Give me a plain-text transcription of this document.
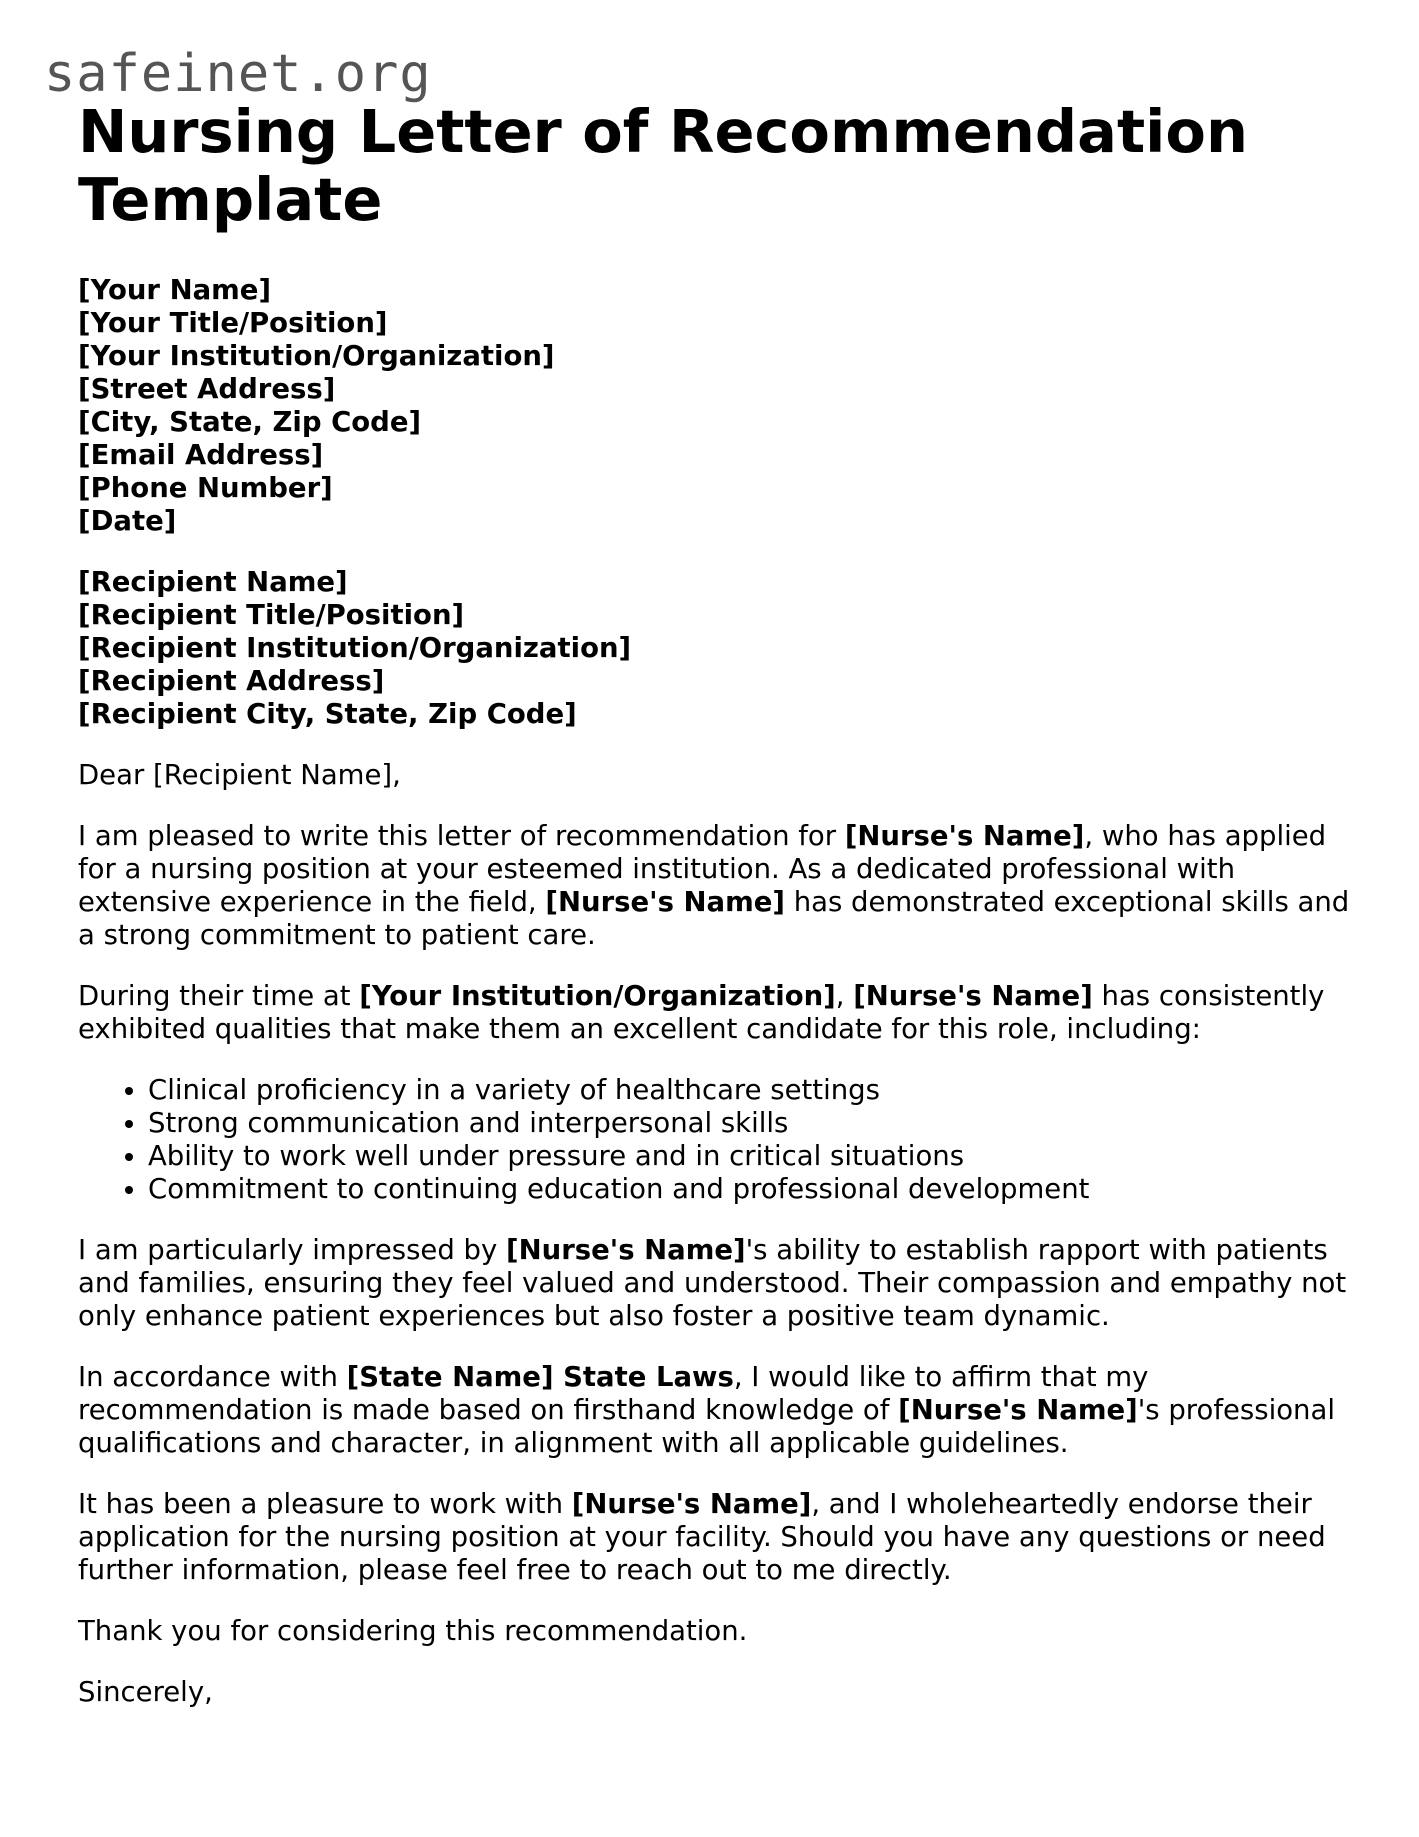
safeinet.org
Nursing Letter of Recommendation Template
[Your Name]
[Your Title/Position]
[Your Institution/Organization]
[Street Address]
[City, State, Zip Code]
[Email Address]
[Phone Number]
[Date]
[Recipient Name]
[Recipient Title/Position]
[Recipient Institution/Organization]
[Recipient Address]
[Recipient City, State, Zip Code]

Dear [Recipient Name],

I am pleased to write this letter of recommendation for [Nurse's Name], who has applied for a nursing position at your esteemed institution. As a dedicated professional with extensive experience in the field, [Nurse's Name] has demonstrated exceptional skills and a strong commitment to patient care.

During their time at [Your Institution/Organization], [Nurse's Name] has consistently exhibited qualities that make them an excellent candidate for this role, including:

• Clinical proficiency in a variety of healthcare settings
• Strong communication and interpersonal skills
• Ability to work well under pressure and in critical situations
• Commitment to continuing education and professional development

I am particularly impressed by [Nurse's Name]'s ability to establish rapport with patients and families, ensuring they feel valued and understood. Their compassion and empathy not only enhance patient experiences but also foster a positive team dynamic.

In accordance with [State Name] State Laws, I would like to affirm that my recommendation is made based on firsthand knowledge of [Nurse's Name]'s professional qualifications and character, in alignment with all applicable guidelines.

It has been a pleasure to work with [Nurse's Name], and I wholeheartedly endorse their application for the nursing position at your facility. Should you have any questions or need further information, please feel free to reach out to me directly.

Thank you for considering this recommendation.

Sincerely,
